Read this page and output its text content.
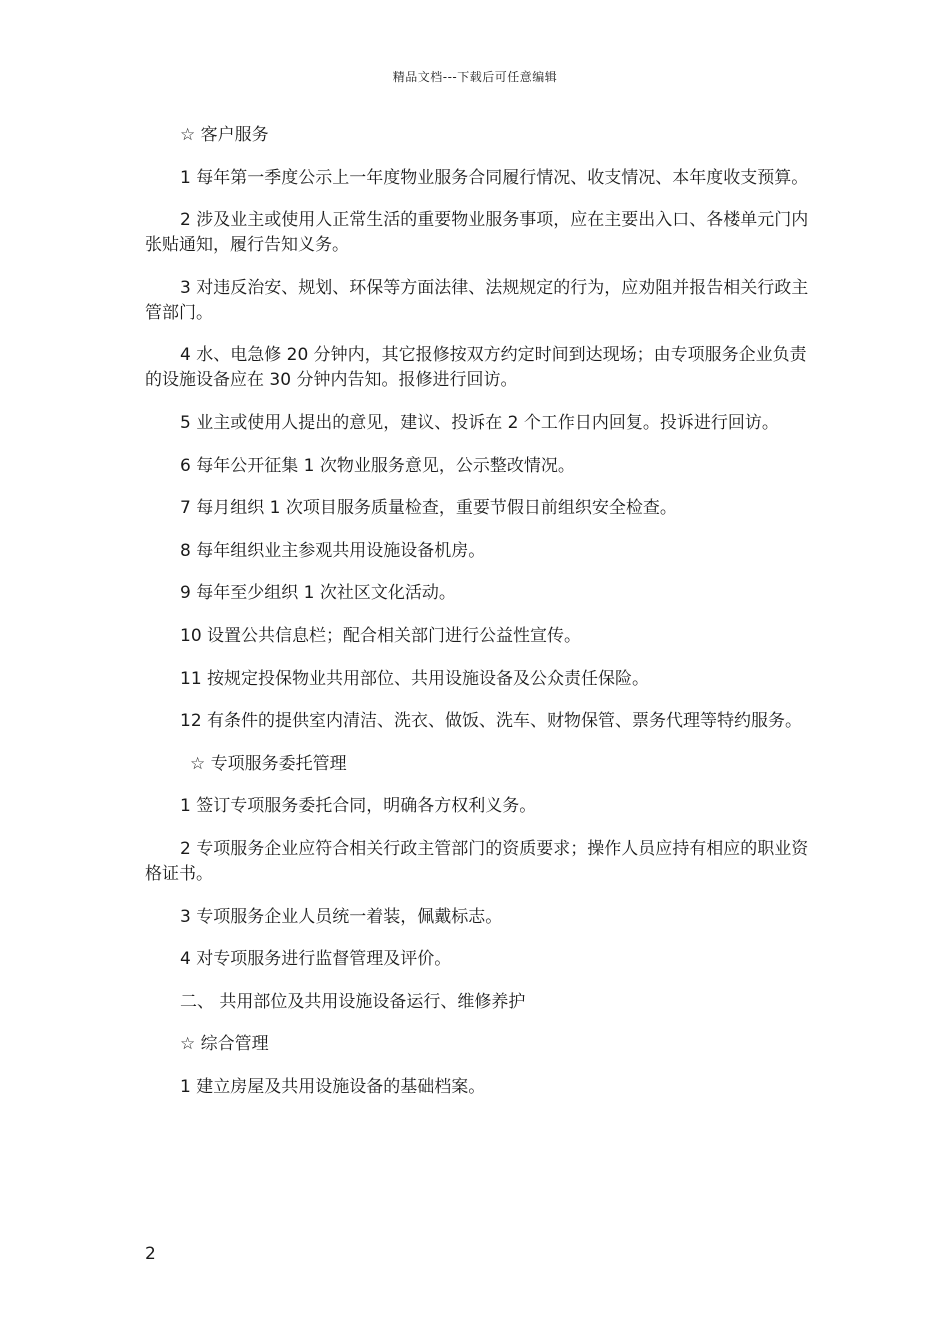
精品文档---下载后可任意编辑

☆ 客户服务

1 每年第一季度公示上一年度物业服务合同履行情况、收支情况、本年度收支预算。

2 涉及业主或使用人正常生活的重要物业服务事项，应在主要出入口、各楼单元门内张贴通知，履行告知义务。

3 对违反治安、规划、环保等方面法律、法规规定的行为，应劝阻并报告相关行政主管部门。

4 水、电急修 20 分钟内，其它报修按双方约定时间到达现场；由专项服务企业负责的设施设备应在 30 分钟内告知。报修进行回访。

5 业主或使用人提出的意见，建议、投诉在 2 个工作日内回复。投诉进行回访。

6 每年公开征集 1 次物业服务意见，公示整改情况。

7 每月组织 1 次项目服务质量检查，重要节假日前组织安全检查。

8 每年组织业主参观共用设施设备机房。

9 每年至少组织 1 次社区文化活动。

10 设置公共信息栏；配合相关部门进行公益性宣传。

11 按规定投保物业共用部位、共用设施设备及公众责任保险。

12 有条件的提供室内清洁、洗衣、做饭、洗车、财物保管、票务代理等特约服务。

☆ 专项服务委托管理

1 签订专项服务委托合同，明确各方权利义务。

2 专项服务企业应符合相关行政主管部门的资质要求；操作人员应持有相应的职业资格证书。

3 专项服务企业人员统一着装，佩戴标志。

4 对专项服务进行监督管理及评价。

二、 共用部位及共用设施设备运行、维修养护

☆ 综合管理

1 建立房屋及共用设施设备的基础档案。

2
